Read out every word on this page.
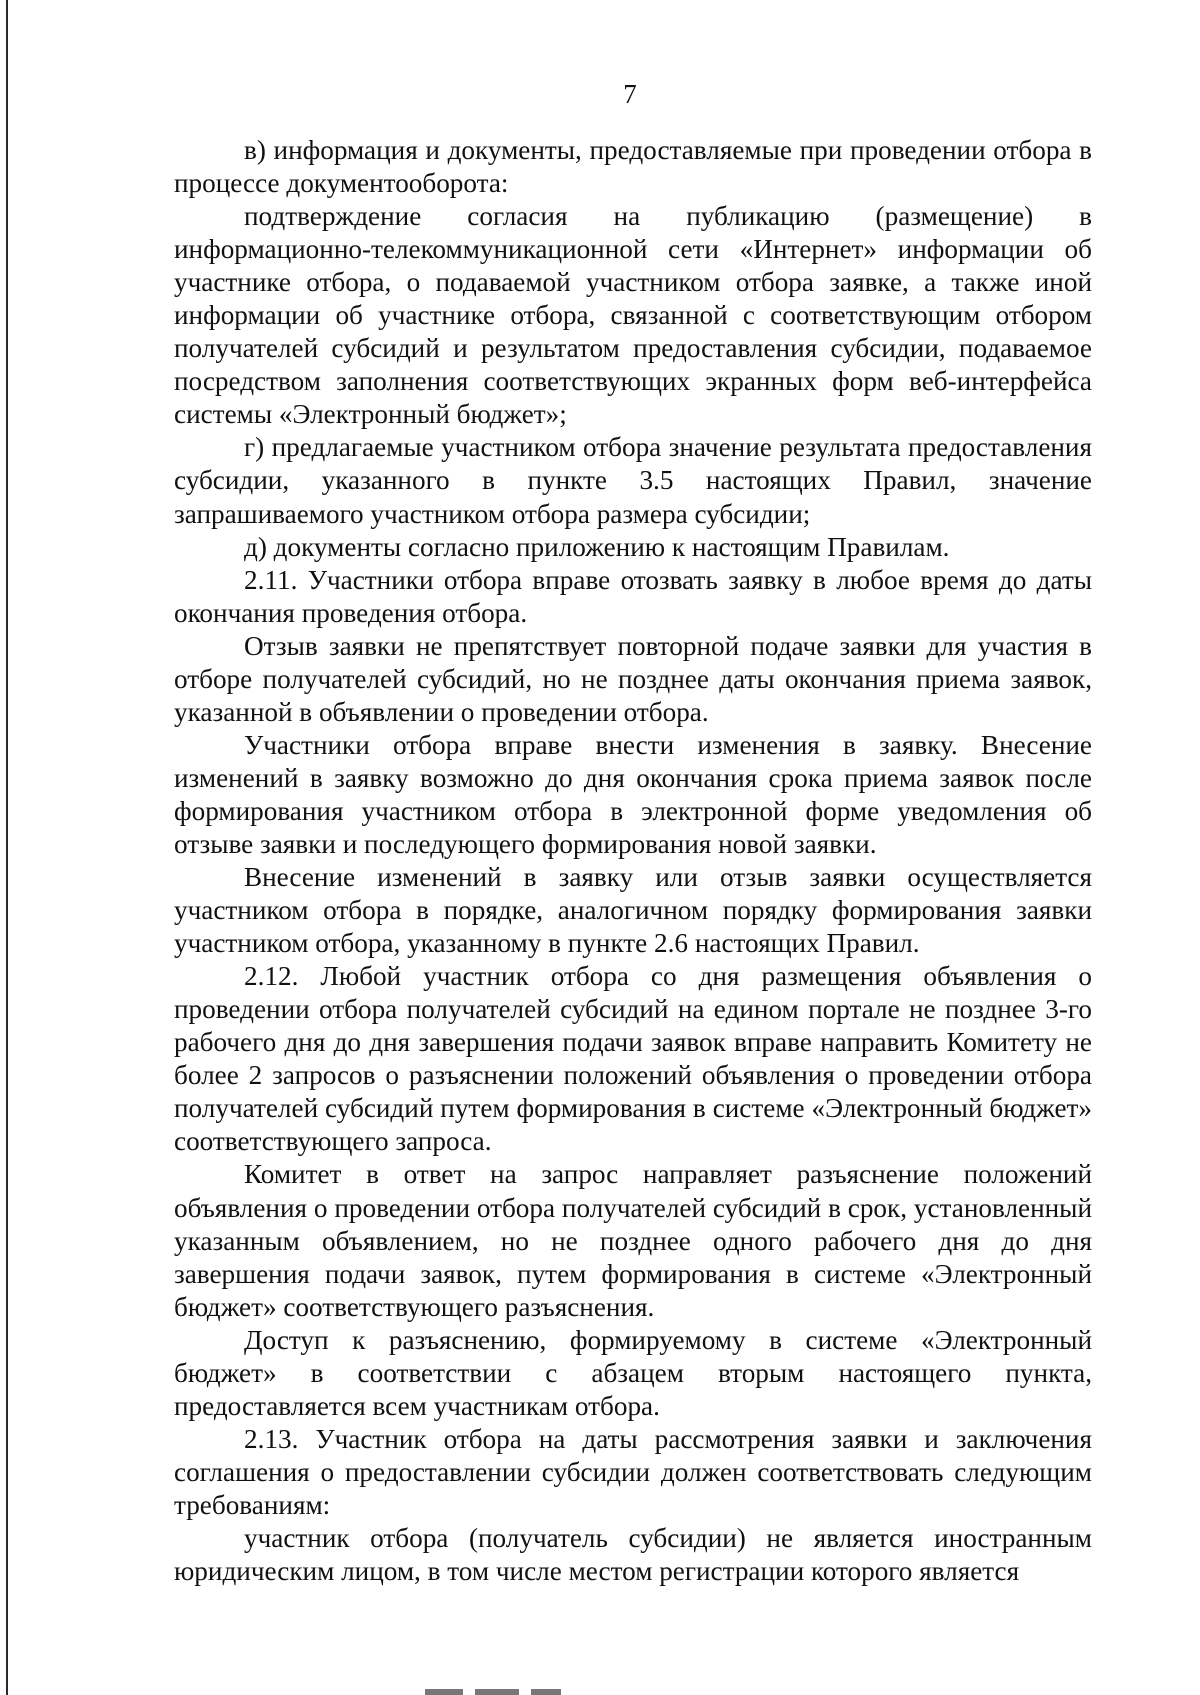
7

в) информация и документы, предоставляемые при проведении отбора в процессе документооборота:

подтверждение согласия на публикацию (размещение) в информационно-телекоммуникационной сети «Интернет» информации об участнике отбора, о подаваемой участником отбора заявке, а также иной информации об участнике отбора, связанной с соответствующим отбором получателей субсидий и результатом предоставления субсидии, подаваемое посредством заполнения соответствующих экранных форм веб-интерфейса системы «Электронный бюджет»;

г) предлагаемые участником отбора значение результата предоставления субсидии, указанного в пункте 3.5 настоящих Правил, значение запрашиваемого участником отбора размера субсидии;

д) документы согласно приложению к настоящим Правилам.

2.11. Участники отбора вправе отозвать заявку в любое время до даты окончания проведения отбора.

Отзыв заявки не препятствует повторной подаче заявки для участия в отборе получателей субсидий, но не позднее даты окончания приема заявок, указанной в объявлении о проведении отбора.

Участники отбора вправе внести изменения в заявку. Внесение изменений в заявку возможно до дня окончания срока приема заявок после формирования участником отбора в электронной форме уведомления об отзыве заявки и последующего формирования новой заявки.

Внесение изменений в заявку или отзыв заявки осуществляется участником отбора в порядке, аналогичном порядку формирования заявки участником отбора, указанному в пункте 2.6 настоящих Правил.

2.12. Любой участник отбора со дня размещения объявления о проведении отбора получателей субсидий на едином портале не позднее 3-го рабочего дня до дня завершения подачи заявок вправе направить Комитету не более 2 запросов о разъяснении положений объявления о проведении отбора получателей субсидий путем формирования в системе «Электронный бюджет» соответствующего запроса.

Комитет в ответ на запрос направляет разъяснение положений объявления о проведении отбора получателей субсидий в срок, установленный указанным объявлением, но не позднее одного рабочего дня до дня завершения подачи заявок, путем формирования в системе «Электронный бюджет» соответствующего разъяснения.

Доступ к разъяснению, формируемому в системе «Электронный бюджет» в соответствии с абзацем вторым настоящего пункта, предоставляется всем участникам отбора.

2.13. Участник отбора на даты рассмотрения заявки и заключения соглашения о предоставлении субсидии должен соответствовать следующим требованиям:

участник отбора (получатель субсидии) не является иностранным юридическим лицом, в том числе местом регистрации которого является
